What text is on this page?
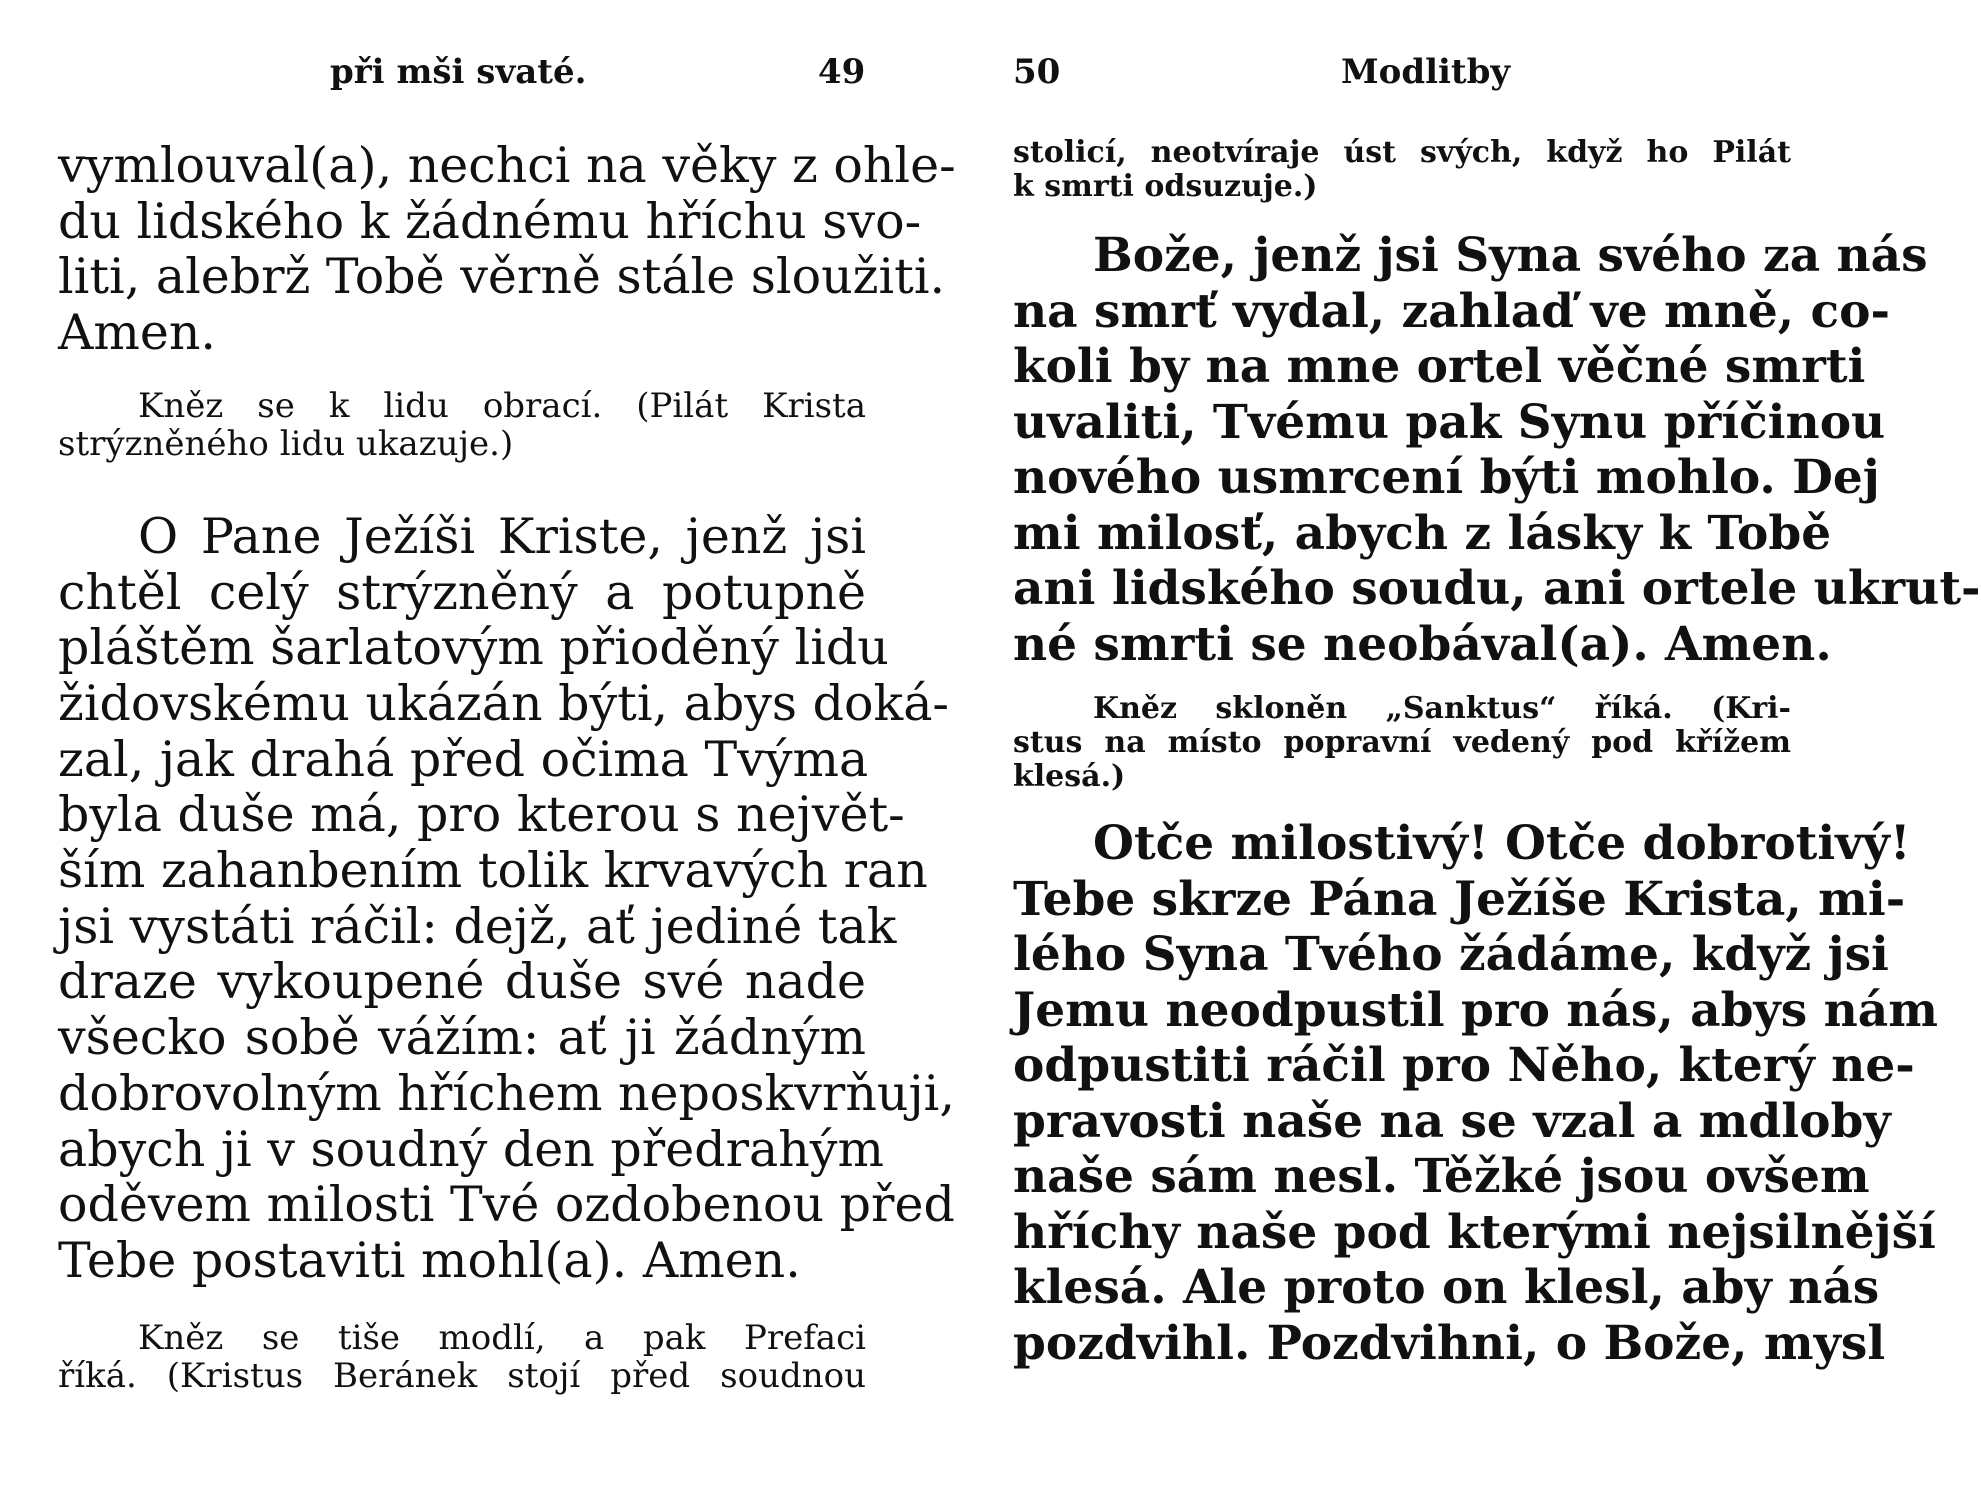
při mši svaté.	49
vymlouval(a), nechci na věky z ohle-
du lidského k žádnému hříchu svo-
liti, alebrž Tobě věrně stále sloužiti.
Amen.
Kněz se k lidu obrací. (Pilát Krista
strýzněného lidu ukazuje.)
O Pane Ježíši Kriste, jenž jsi
chtěl celý strýzněný a potupně
pláštěm šarlatovým přioděný lidu
židovskému ukázán býti, abys doká-
zal, jak drahá před očima Tvýma
byla duše má, pro kterou s největ-
ším zahanbením tolik krvavých ran
jsi vystáti ráčil: dejž, ať jediné tak
draze vykoupené duše své nade
všecko sobě vážím: ať ji žádným
dobrovolným hříchem neposkvrňuji,
abych ji v soudný den předrahým
oděvem milosti Tvé ozdobenou před
Tebe postaviti mohl(a). Amen.
Kněz se tiše modlí, a pak Prefaci
říká. (Kristus Beránek stojí před soudnou
50	Modlitby
stolicí, neotvíraje úst svých, když ho Pilát
k smrti odsuzuje.)
Bože, jenž jsi Syna svého za nás
na smrť vydal, zahlaď ve mně, co-
koli by na mne ortel věčné smrti
uvaliti, Tvému pak Synu příčinou
nového usmrcení býti mohlo. Dej
mi milosť, abych z lásky k Tobě
ani lidského soudu, ani ortele ukrut-
né smrti se neobával(a). Amen.
Kněz skloněn „Sanktus“ říká. (Kri-
stus na místo popravní vedený pod křížem
klesá.)
Otče milostivý! Otče dobrotivý!
Tebe skrze Pána Ježíše Krista, mi-
lého Syna Tvého žádáme, když jsi
Jemu neodpustil pro nás, abys nám
odpustiti ráčil pro Něho, který ne-
pravosti naše na se vzal a mdloby
naše sám nesl. Těžké jsou ovšem
hříchy naše pod kterými nejsilnější
klesá. Ale proto on klesl, aby nás
pozdvihl. Pozdvihni, o Bože, mysl
